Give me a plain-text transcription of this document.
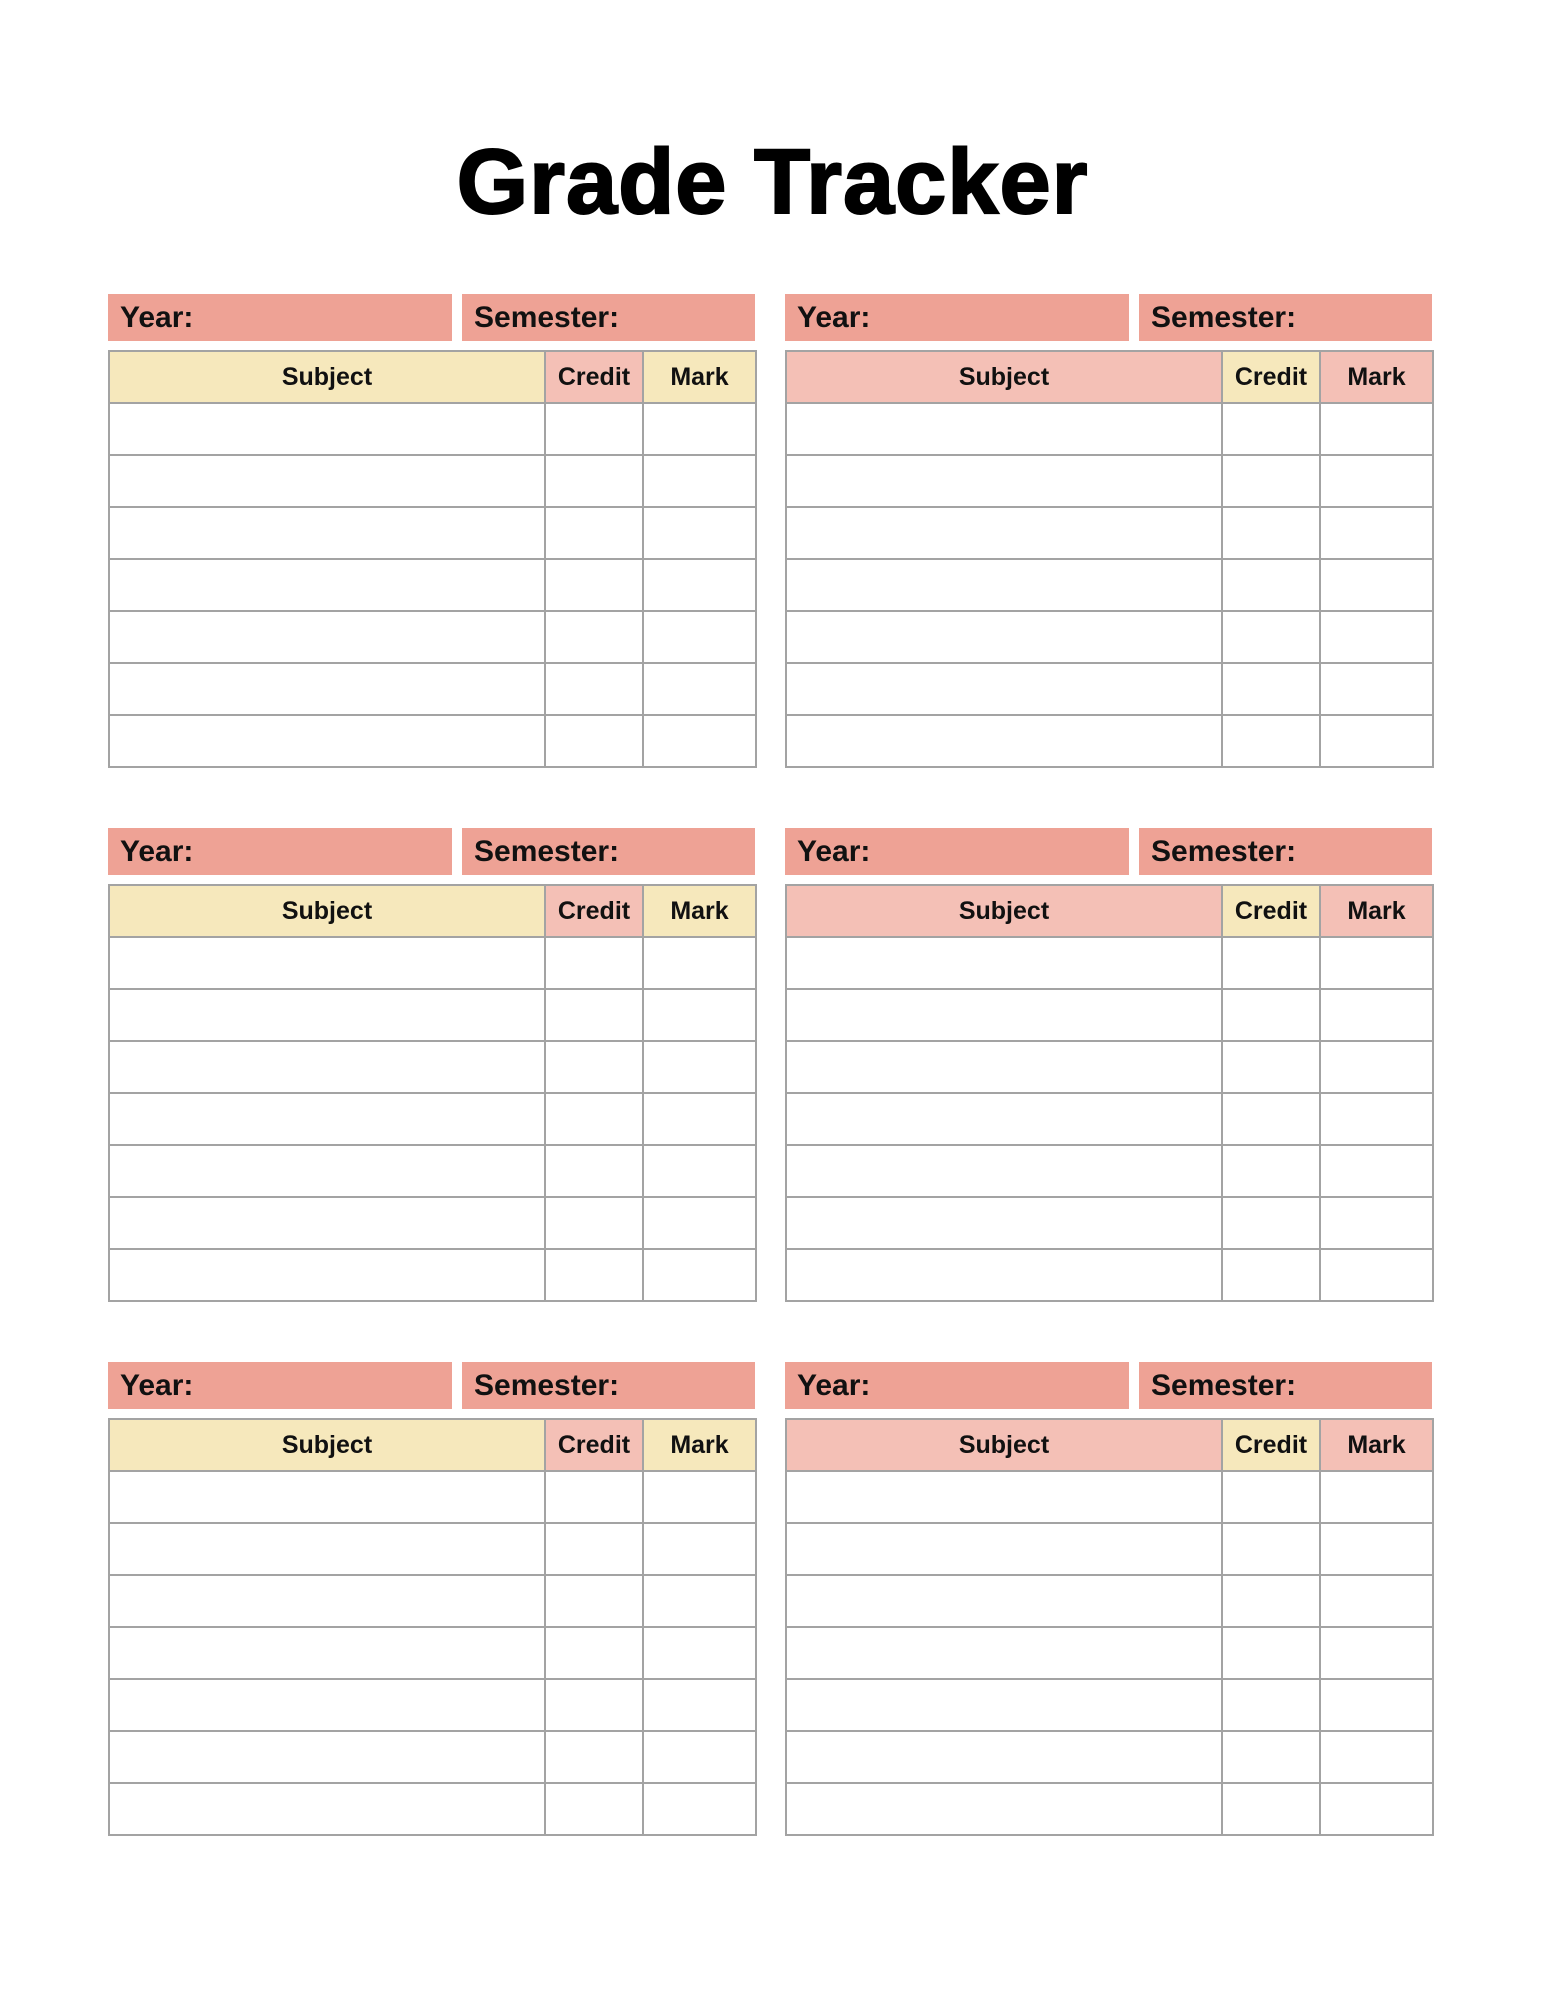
Grade Tracker
Year:	Semester:
Subject	Credit	Mark

Year:	Semester:
Subject	Credit	Mark

Year:	Semester:
Subject	Credit	Mark

Year:	Semester:
Subject	Credit	Mark

Year:	Semester:
Subject	Credit	Mark

Year:	Semester:
Subject	Credit	Mark
